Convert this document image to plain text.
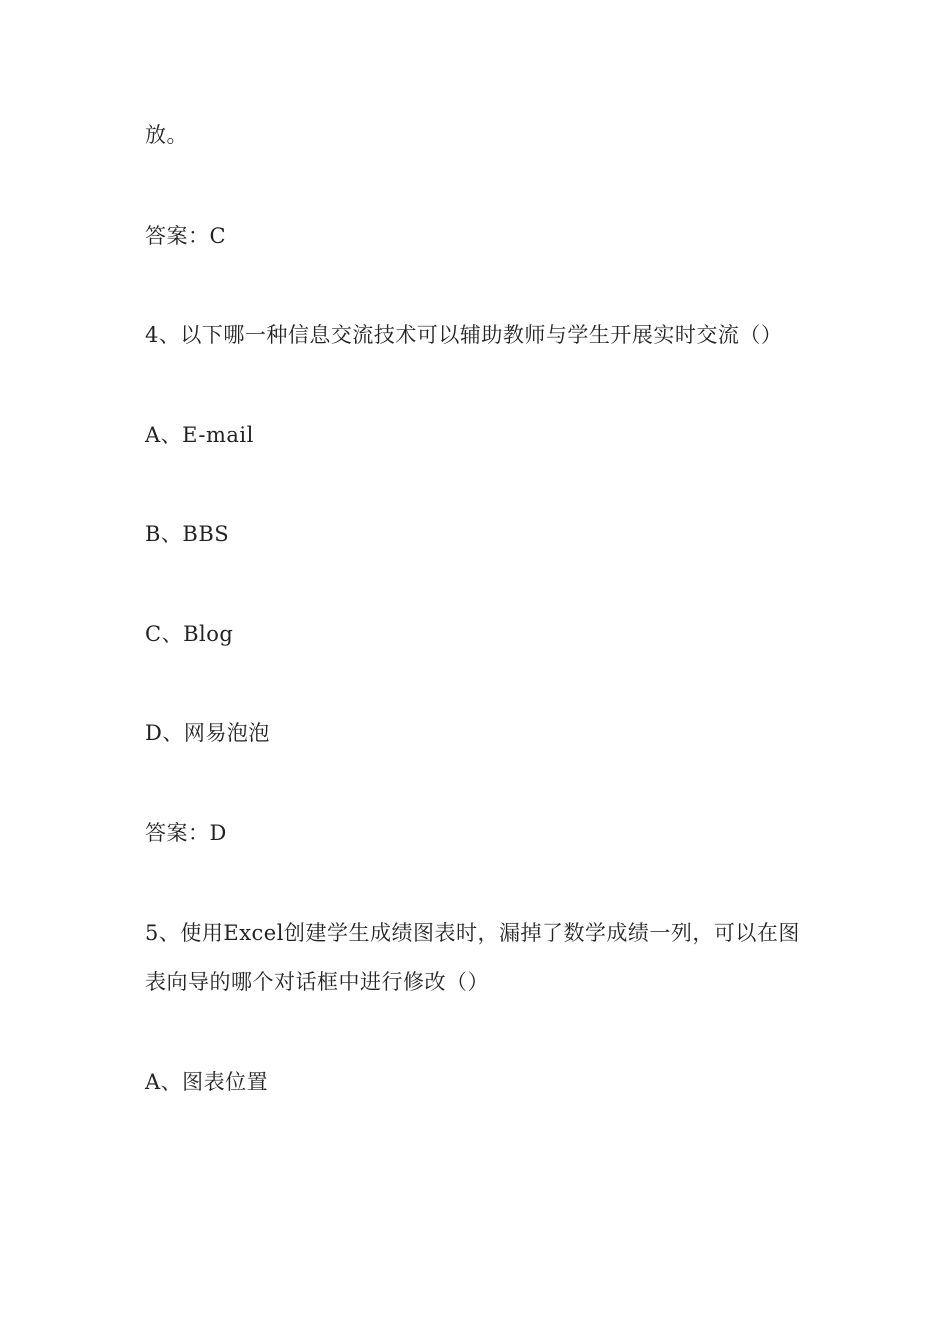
放。
答案：C
4、以下哪一种信息交流技术可以辅助教师与学生开展实时交流（）
A、E-mail
B、BBS
C、Blog
D、网易泡泡
答案：D
5、使用Excel创建学生成绩图表时，漏掉了数学成绩一列，可以在图
表向导的哪个对话框中进行修改（）
A、图表位置
